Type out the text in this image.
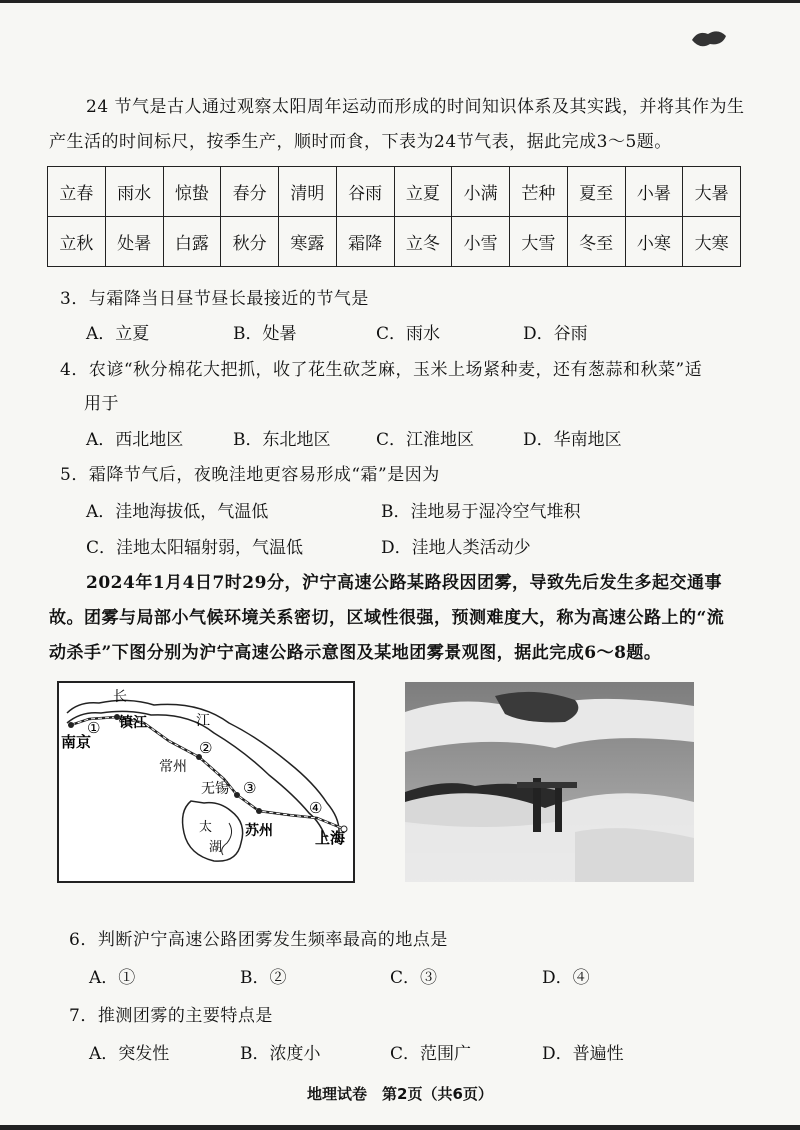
24 节气是古人通过观察太阳周年运动而形成的时间知识体系及其实践，并将其作为生
产生活的时间标尺，按季生产，顺时而食，下表为24节气表，据此完成3～5题。
立春	雨水	惊蛰	春分	清明	谷雨	立夏	小满	芒种	夏至	小暑	大暑
立秋	处暑	白露	秋分	寒露	霜降	立冬	小雪	大雪	冬至	小寒	大寒
3．与霜降当日昼节昼长最接近的节气是
A．立夏	B．处暑	C．雨水	D．谷雨
4．农谚“秋分棉花大把抓，收了花生砍芝麻，玉米上场紧种麦，还有葱蒜和秋菜”适
用于
A．西北地区	B．东北地区	C．江淮地区	D．华南地区
5．霜降节气后，夜晚洼地更容易形成“霜”是因为
A．洼地海拔低，气温低	B．洼地易于湿冷空气堆积
C．洼地太阳辐射弱，气温低	D．洼地人类活动少
2024年1月4日7时29分，沪宁高速公路某路段因团雾，导致先后发生多起交通事
故。团雾与局部小气候环境关系密切，区域性很强，预测难度大，称为高速公路上的“流
动杀手”下图分别为沪宁高速公路示意图及某地团雾景观图，据此完成6～8题。
长
江
太
湖
南京
镇江
常州
无锡
苏州	上海
①
②
③
④
6．判断沪宁高速公路团雾发生频率最高的地点是
A．①	B．②	C．③	D．④
7．推测团雾的主要特点是
A．突发性	B．浓度小	C．范围广	D．普遍性
地理试卷　第2页（共6页）
